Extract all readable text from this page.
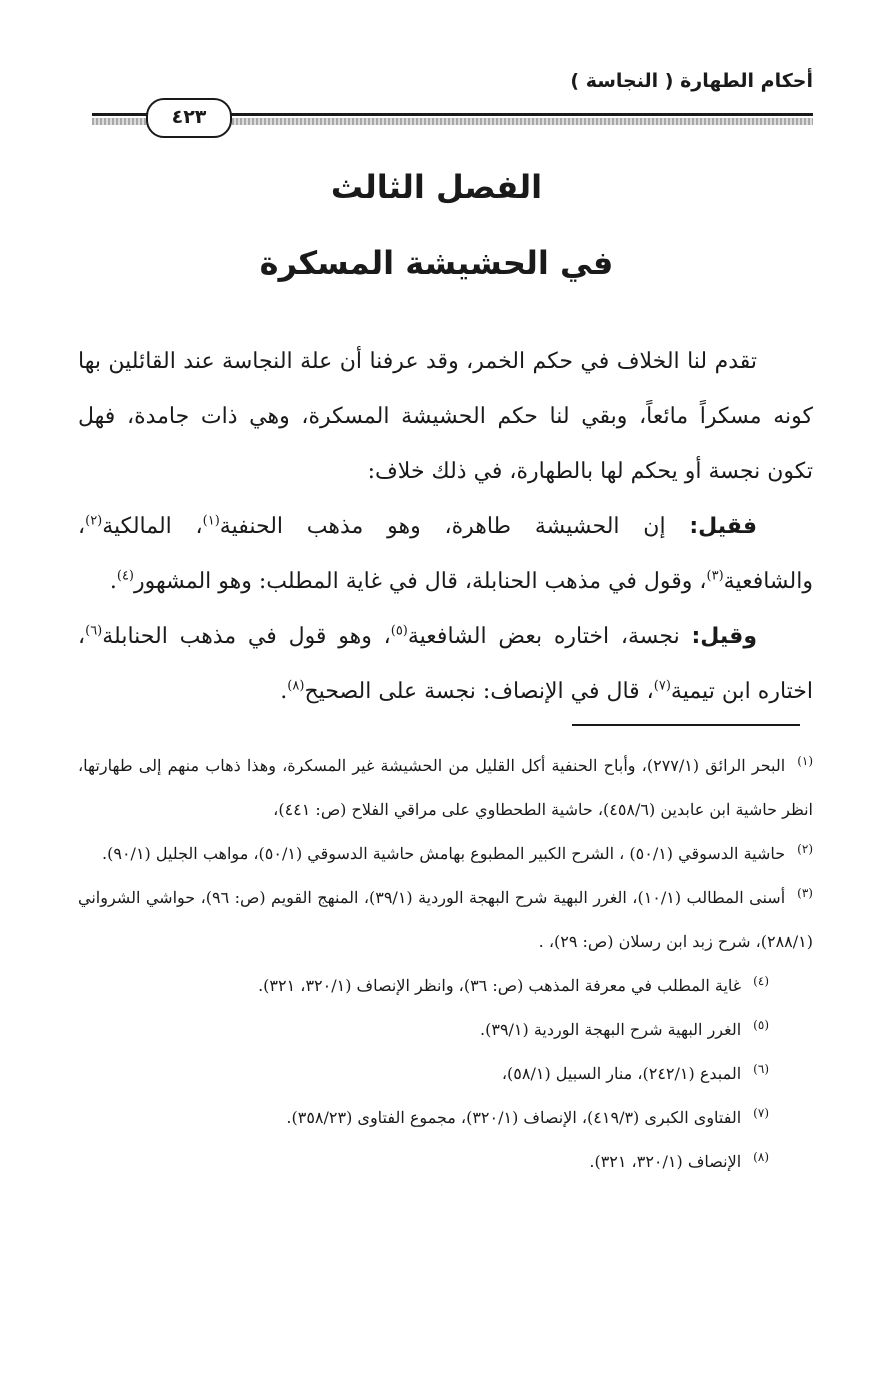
أحكام الطهارة ( النجاسة )
٤٢٣
الفصل الثالث
في الحشيشة المسكرة

تقدم لنا الخلاف في حكم الخمر، وقد عرفنا أن علة النجاسة عند القائلين بها كونه مسكراً مائعاً، وبقي لنا حكم الحشيشة المسكرة، وهي ذات جامدة، فهل تكون نجسة أو يحكم لها بالطهارة، في ذلك خلاف:

فقيل: إن الحشيشة طاهرة، وهو مذهب الحنفية$^{(١)}$، المالكية$^{(٢)}$، والشافعية$^{(٣)}$، وقول في مذهب الحنابلة، قال في غاية المطلب: وهو المشهور$^{(٤)}$.

وقيل: نجسة، اختاره بعض الشافعية$^{(٥)}$، وهو قول في مذهب الحنابلة$^{(٦)}$، اختاره ابن تيمية$^{(٧)}$، قال في الإنصاف: نجسة على الصحيح$^{(٨)}$.

$^{(١)}$البحر الرائق (٢٧٧/١)، وأباح الحنفية أكل القليل من الحشيشة غير المسكرة، وهذا ذهاب منهم إلى طهارتها، انظر حاشية ابن عابدين (٤٥٨/٦)، حاشية الطحطاوي على مراقي الفلاح (ص: ٤٤١)،

$^{(٢)}$حاشية الدسوقي (٥٠/١) ، الشرح الكبير المطبوع بهامش حاشية الدسوقي (٥٠/١)، مواهب الجليل (٩٠/١).

$^{(٣)}$أسنى المطالب (١٠/١)، الغرر البهية شرح البهجة الوردية (٣٩/١)، المنهج القويم (ص: ٩٦)، حواشي الشرواني (٢٨٨/١)، شرح زبد ابن رسلان (ص: ٢٩)، .

$^{(٤)}$غاية المطلب في معرفة المذهب (ص: ٣٦)، وانظر الإنصاف (٣٢٠/١، ٣٢١).

$^{(٥)}$الغرر البهية شرح البهجة الوردية (٣٩/١).

$^{(٦)}$المبدع (٢٤٢/١)، منار السبيل (٥٨/١)،

$^{(٧)}$الفتاوى الكبرى (٤١٩/٣)، الإنصاف (٣٢٠/١)، مجموع الفتاوى (٣٥٨/٢٣).

$^{(٨)}$الإنصاف (٣٢٠/١، ٣٢١).
